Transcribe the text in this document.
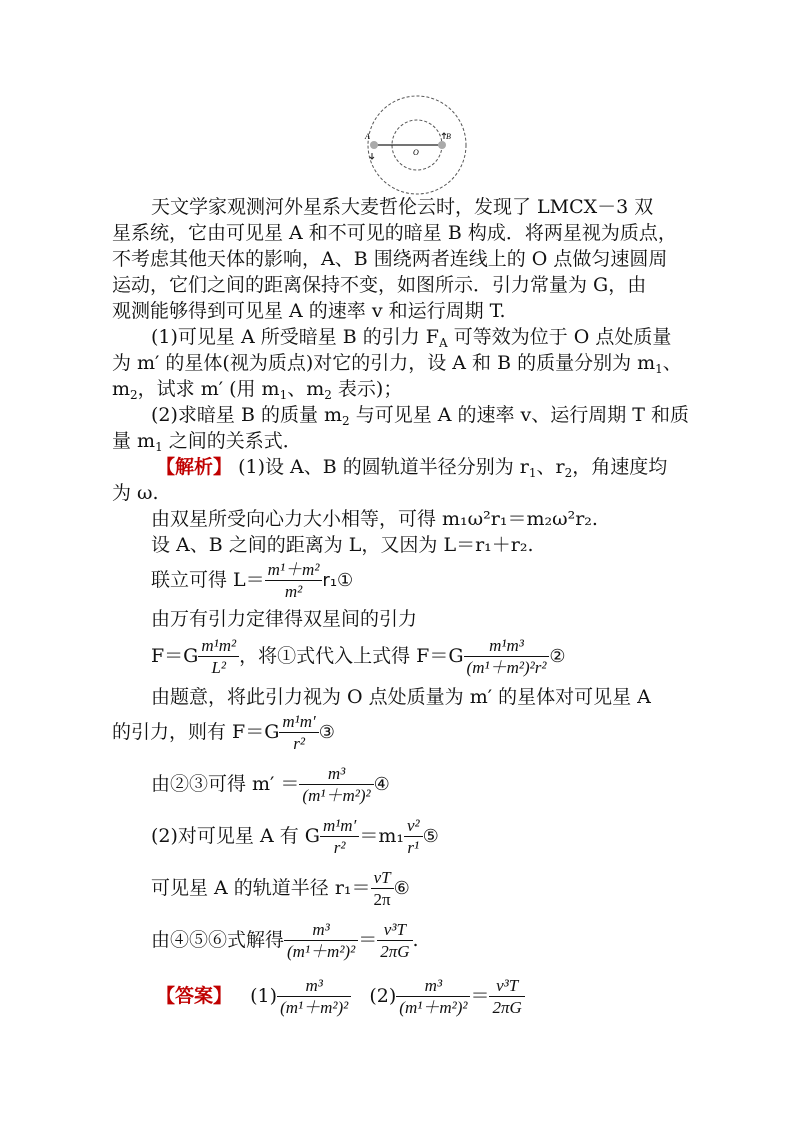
A	B
O
天文学家观测河外星系大麦哲伦云时，发现了 LMCX－3 双
星系统，它由可见星 A 和不可见的暗星 B 构成．将两星视为质点，
不考虑其他天体的影响，A、B 围绕两者连线上的 O 点做匀速圆周
运动，它们之间的距离保持不变，如图所示．引力常量为 G，由
观测能够得到可见星 A 的速率 v 和运行周期 T.
(1)可见星 A 所受暗星 B 的引力 $F_A$ 可等效为位于 O 点处质量
为 m′ 的星体(视为质点)对它的引力，设 A 和 B 的质量分别为 $m_1$、
$m_2$，试求 m′ (用 $m_1$、$m_2$ 表示)；
(2)求暗星 B 的质量 $m_2$ 与可见星 A 的速率 v、运行周期 T 和质
量 $m_1$ 之间的关系式．
【解析】 (1)设 A、B 的圆轨道半径分别为 $r_1$、$r_2$，角速度均
为 ω.
由双星所受向心力大小相等，可得 m₁ω²r₁＝m₂ω²r₂.
设 A、B 之间的距离为 L，又因为 L＝r₁＋r₂.
联立可得 $L= \frac{\text{m¹＋m²}}{\text{m²}}$ r₁①
由万有引力定律得双星间的引力
$F=G \frac{\text{m¹m²}}{\text{L²}}$ ，将①式代入上式得 $F=G \frac{\text{m¹m³}}{\text{(m¹＋m²)²r²}}$ ②
由题意，将此引力视为 O 点处质量为 m′ 的星体对可见星 A
的引力，则有 $F=G \frac{\text{m¹m′}}{\text{r²}}$ ③
由②③可得 $m' = \frac{\text{m³}}{\text{(m¹＋m²)²}}$ ④
(2)对可见星 A 有 G $\frac{\text{m¹m′}}{\text{r²}} =m_1 \frac{\text{v²}}{\text{r¹}}$ ⑤
可见星 A 的轨道半径 $r_1= \frac{vT}{2\pi}$ ⑥
由④⑤⑥式解得 $\frac{\text{m³}}{\text{(m¹＋m²)²}} = \frac{\text{v³T}}{2\pi G}$ .
【答案】 $(1) \frac{\text{m³}}{\text{(m¹＋m²)²}} (2) \frac{\text{m³}}{\text{(m¹＋m²)²}} = \frac{\text{v³T}}{2\pi G}$
